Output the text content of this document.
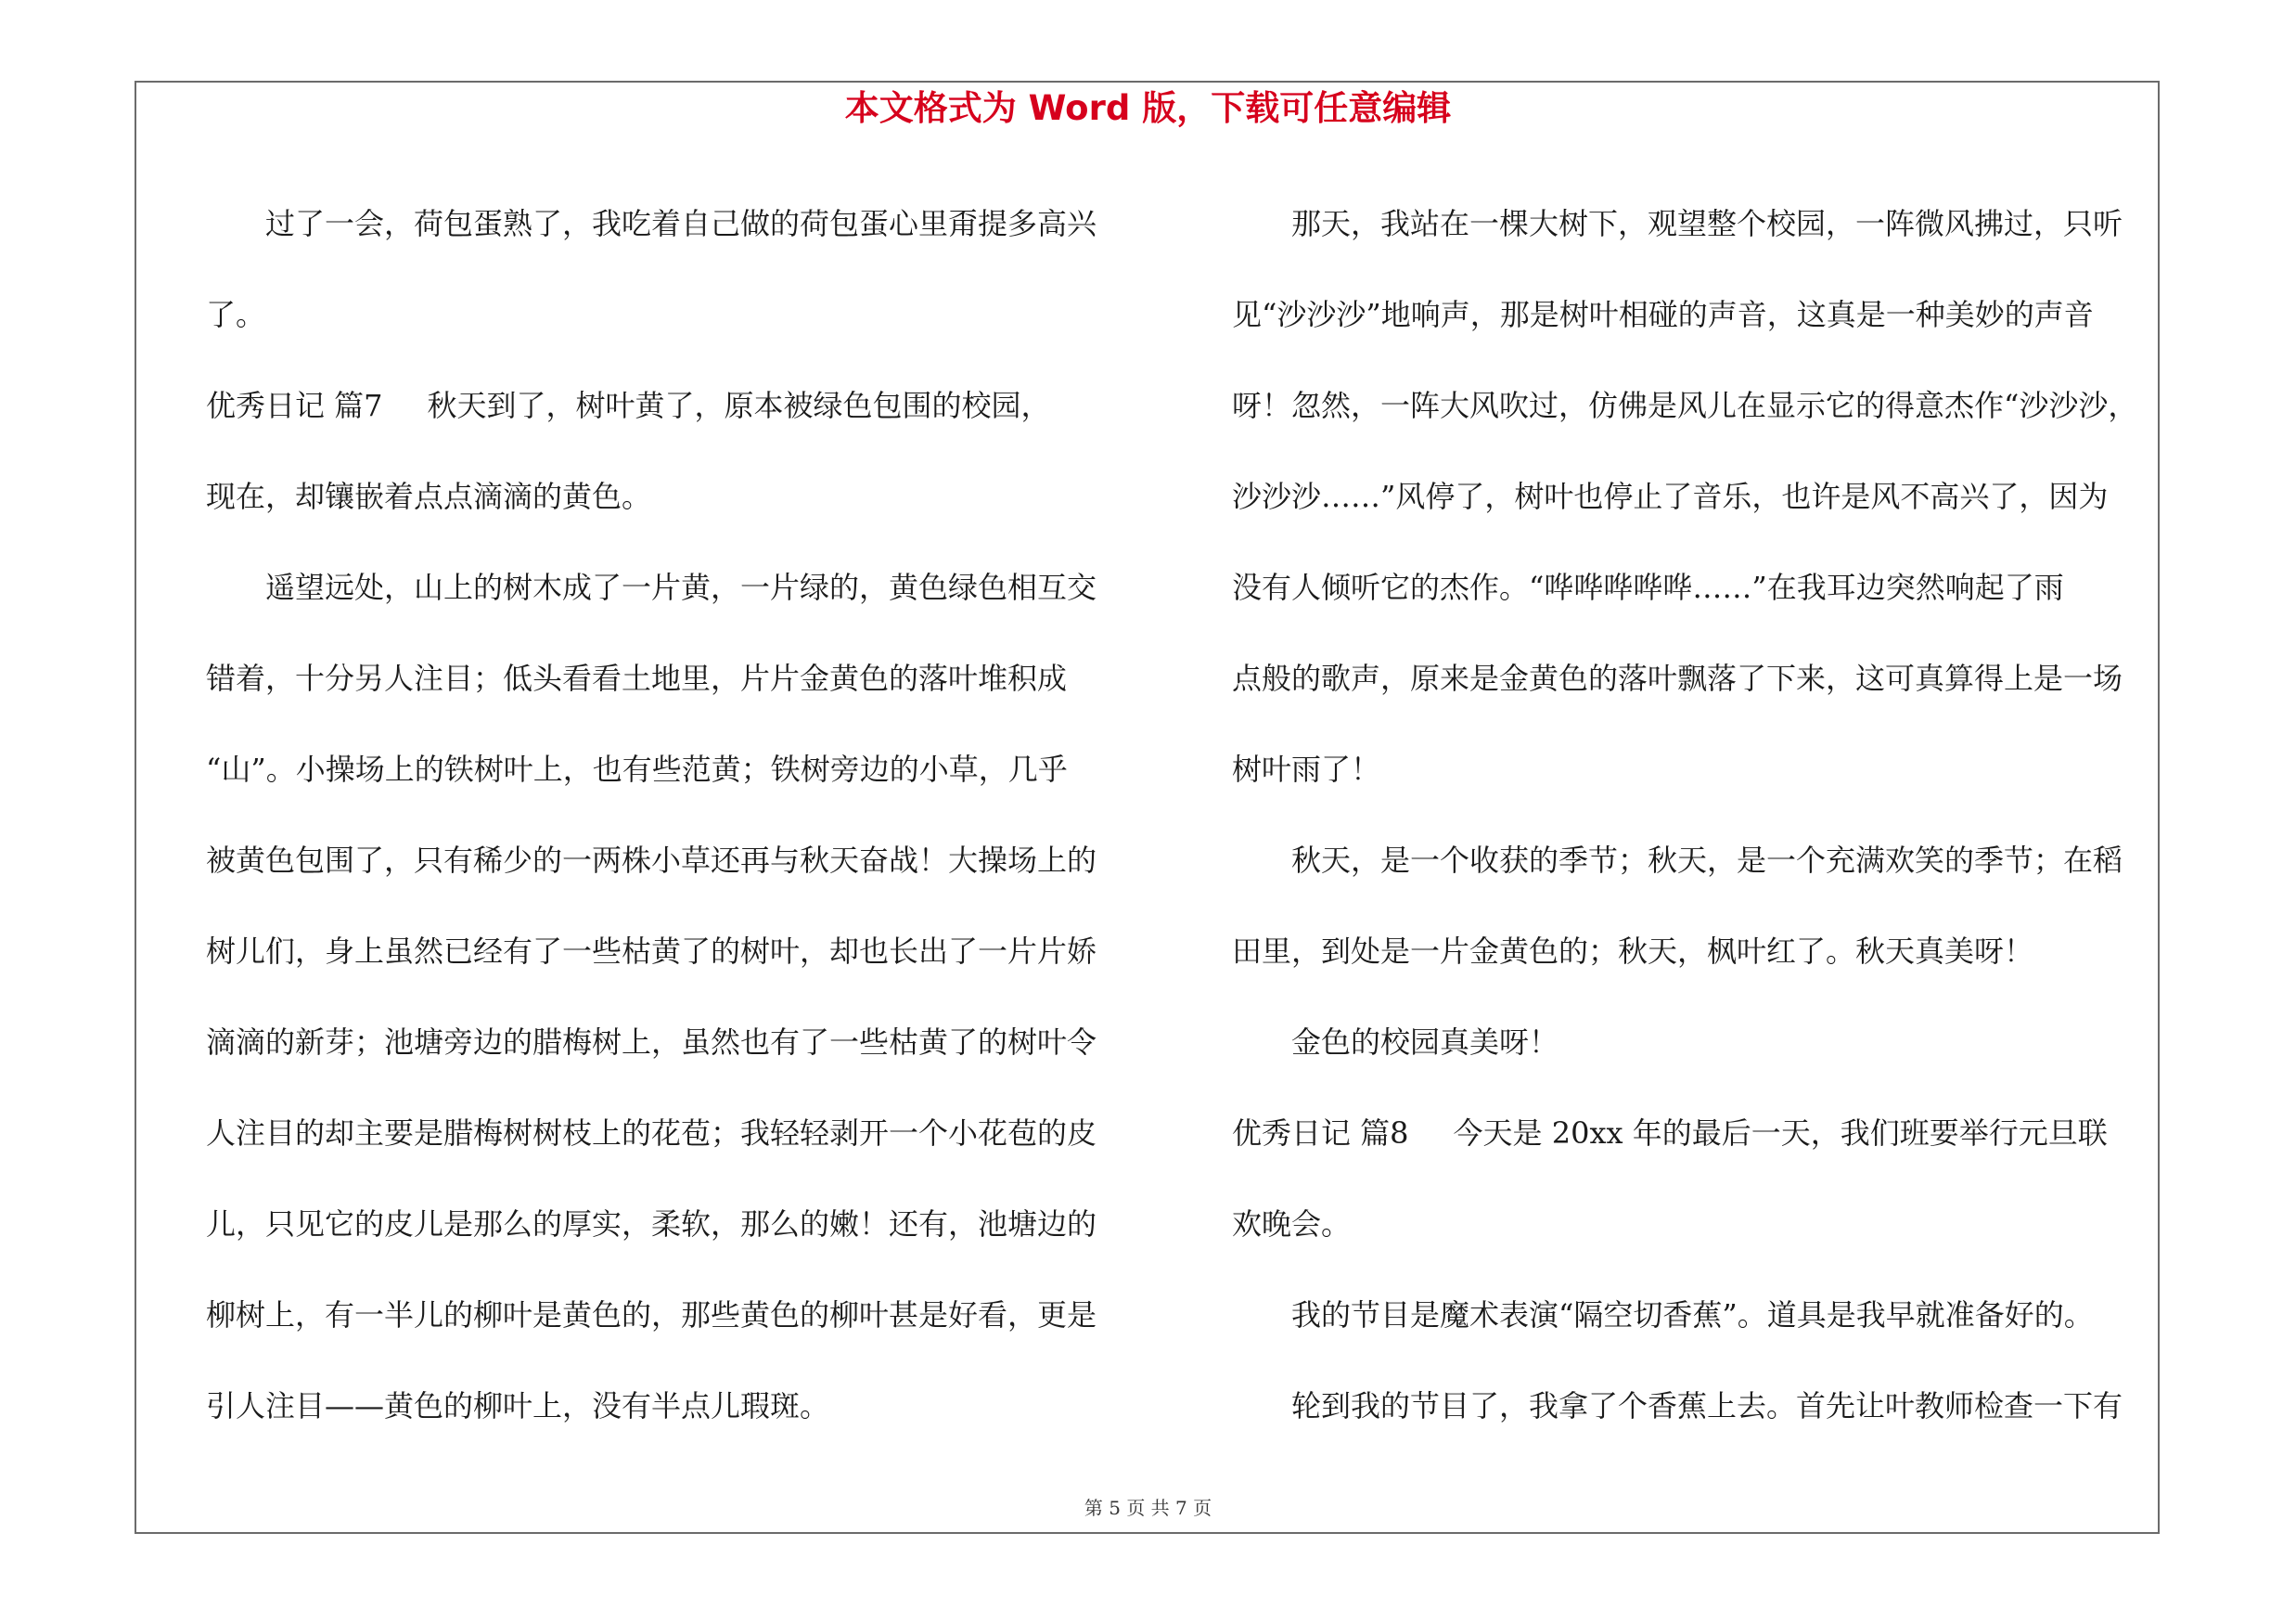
本文格式为 Word 版，下载可任意编辑
过了一会，荷包蛋熟了，我吃着自己做的荷包蛋心里甭提多高兴
了。
优秀日记 篇7 秋天到了，树叶黄了，原本被绿色包围的校园，
现在，却镶嵌着点点滴滴的黄色。
遥望远处，山上的树木成了一片黄，一片绿的，黄色绿色相互交
错着，十分另人注目；低头看看土地里，片片金黄色的落叶堆积成
“山”。小操场上的铁树叶上，也有些范黄；铁树旁边的小草，几乎
被黄色包围了，只有稀少的一两株小草还再与秋天奋战！大操场上的
树儿们，身上虽然已经有了一些枯黄了的树叶，却也长出了一片片娇
滴滴的新芽；池塘旁边的腊梅树上，虽然也有了一些枯黄了的树叶令
人注目的却主要是腊梅树树枝上的花苞；我轻轻剥开一个小花苞的皮
儿，只见它的皮儿是那么的厚实，柔软，那么的嫩！还有，池塘边的
柳树上，有一半儿的柳叶是黄色的，那些黄色的柳叶甚是好看，更是
引人注目——黄色的柳叶上，没有半点儿瑕斑。
那天，我站在一棵大树下，观望整个校园，一阵微风拂过，只听
见“沙沙沙”地响声，那是树叶相碰的声音，这真是一种美妙的声音
呀！忽然，一阵大风吹过，仿佛是风儿在显示它的得意杰作“沙沙沙，
沙沙沙……”风停了，树叶也停止了音乐，也许是风不高兴了，因为
没有人倾听它的杰作。“哗哗哗哗哗……”在我耳边突然响起了雨
点般的歌声，原来是金黄色的落叶飘落了下来，这可真算得上是一场
树叶雨了！
秋天，是一个收获的季节；秋天，是一个充满欢笑的季节；在稻
田里，到处是一片金黄色的；秋天，枫叶红了。秋天真美呀！
金色的校园真美呀！
优秀日记 篇8 今天是 20xx 年的最后一天，我们班要举行元旦联
欢晚会。
我的节目是魔术表演“隔空切香蕉”。道具是我早就准备好的。
轮到我的节目了，我拿了个香蕉上去。首先让叶教师检查一下有
第 5 页 共 7 页
